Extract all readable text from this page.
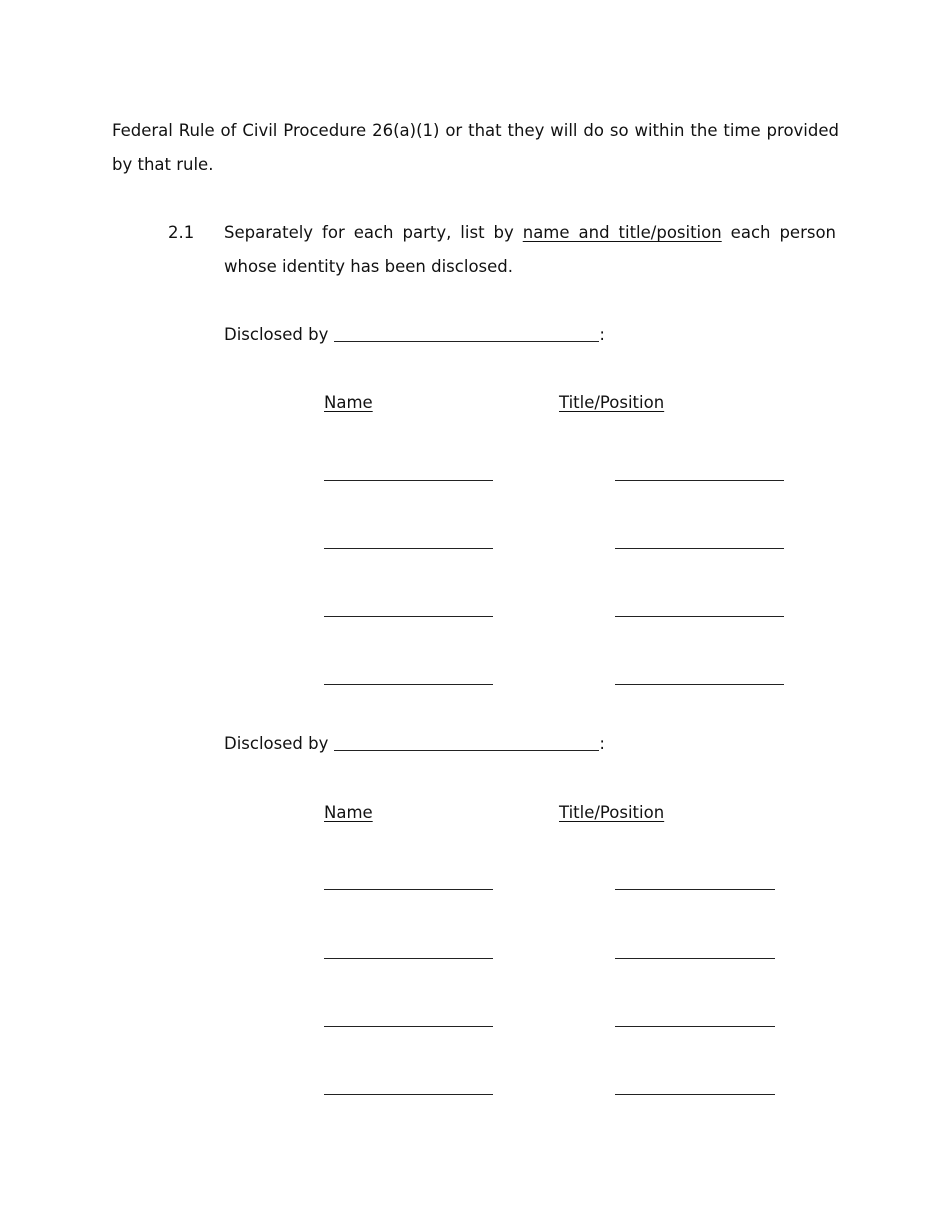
Federal Rule of Civil Procedure 26(a)(1) or that they will do so within the time provided by that rule.
2.1 Separately for each party, list by name and title/position each person whose identity has been disclosed.
Disclosed by	:
Name	Title/Position
Disclosed by	:
Name	Title/Position
